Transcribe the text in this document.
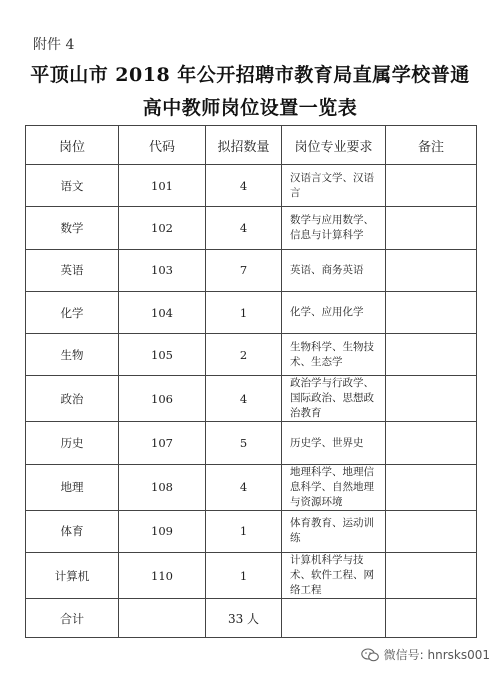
附件 4
平顶山市 2018 年公开招聘市教育局直属学校普通
高中教师岗位设置一览表
岗位	代码	拟招数量	岗位专业要求	备注
语文	101	4	汉语言文学、汉语言	
数学	102	4	数学与应用数学、信息与计算科学	
英语	103	7	英语、商务英语	
化学	104	1	化学、应用化学	
生物	105	2	生物科学、生物技术、生态学	
政治	106	4	政治学与行政学、国际政治、思想政治教育	
历史	107	5	历史学、世界史	
地理	108	4	地理科学、地理信息科学、自然地理与资源环境	
体育	109	1	体育教育、运动训练	
计算机	110	1	计算机科学与技术、软件工程、网络工程	
合计		33 人		
微信号: hnrsks001
